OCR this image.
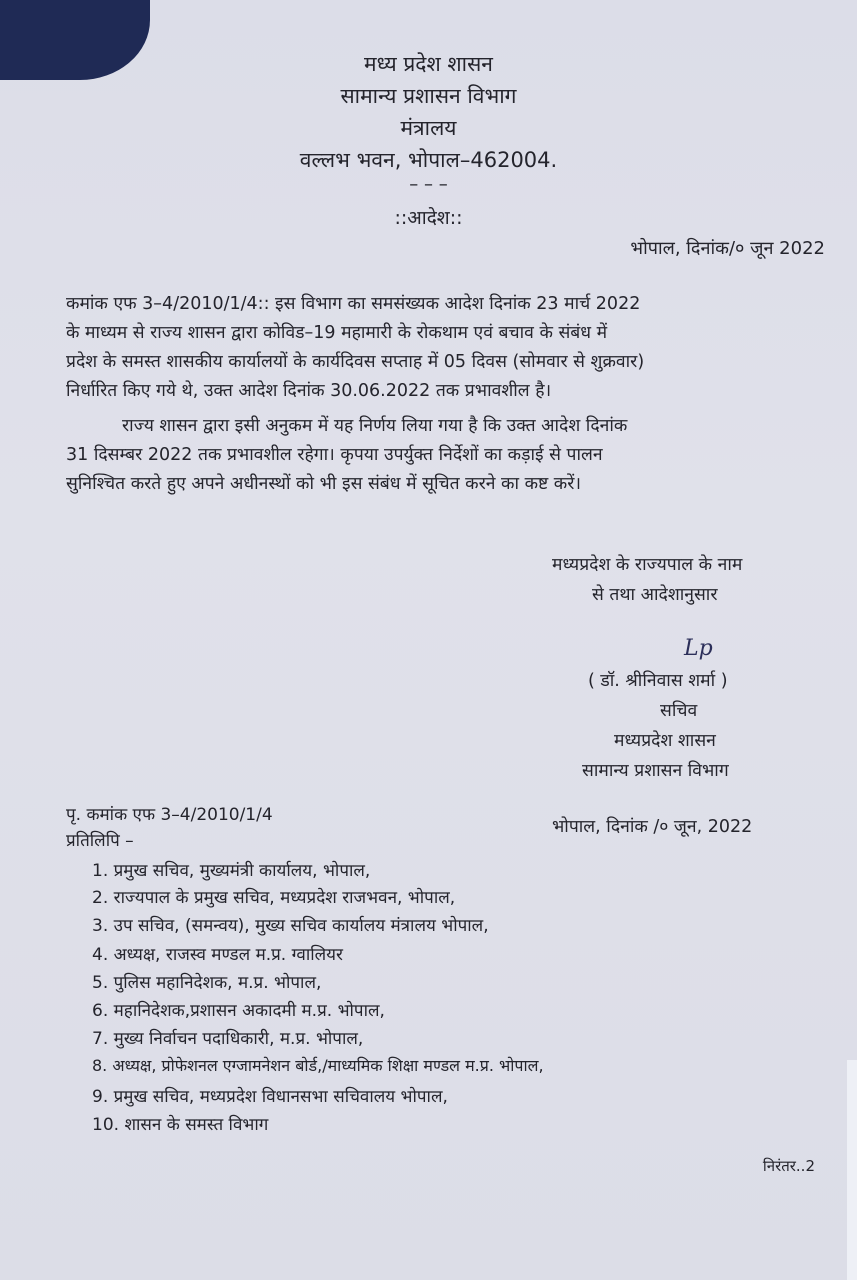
मध्य प्रदेश शासन
सामान्य प्रशासन विभाग
मंत्रालय
वल्लभ भवन, भोपाल–462004.
– – –
::आदेश::
भोपाल, दिनांक/० जून 2022
कमांक एफ 3–4/2010/1/4:: इस विभाग का समसंख्यक आदेश दिनांक 23 मार्च 2022
के माध्यम से राज्य शासन द्वारा कोविड–19 महामारी के रोकथाम एवं बचाव के संबंध में
प्रदेश के समस्त शासकीय कार्यालयों के कार्यदिवस सप्ताह में 05 दिवस (सोमवार से शुक्रवार)
निर्धारित किए गये थे, उक्त आदेश दिनांक 30.06.2022 तक प्रभावशील है।
राज्य शासन द्वारा इसी अनुकम में यह निर्णय लिया गया है कि उक्त आदेश दिनांक
31 दिसम्बर 2022 तक प्रभावशील रहेगा। कृपया उपर्युक्त निर्देशों का कड़ाई से पालन
सुनिश्चित करते हुए अपने अधीनस्थों को भी इस संबंध में सूचित करने का कष्ट करें।
मध्यप्रदेश के राज्यपाल के नाम
से तथा आदेशानुसार
Lp
( डॉ. श्रीनिवास शर्मा )
सचिव
मध्यप्रदेश शासन
सामान्य प्रशासन विभाग
पृ. कमांक एफ 3–4/2010/1/4
भोपाल, दिनांक /० जून, 2022
प्रतिलिपि –
1. प्रमुख सचिव, मुख्यमंत्री कार्यालय, भोपाल,
2. राज्यपाल के प्रमुख सचिव, मध्यप्रदेश राजभवन, भोपाल,
3. उप सचिव, (समन्वय), मुख्य सचिव कार्यालय मंत्रालय भोपाल,
4. अध्यक्ष, राजस्व मण्डल म.प्र. ग्वालियर
5. पुलिस महानिदेशक, म.प्र. भोपाल,
6. महानिदेशक,प्रशासन अकादमी म.प्र. भोपाल,
7. मुख्य निर्वाचन पदाधिकारी, म.प्र. भोपाल,
8. अध्यक्ष, प्रोफेशनल एग्जामनेशन बोर्ड,/माध्यमिक शिक्षा मण्डल म.प्र. भोपाल,
9. प्रमुख सचिव, मध्यप्रदेश विधानसभा सचिवालय भोपाल,
10. शासन के समस्त विभाग
निरंतर..2
